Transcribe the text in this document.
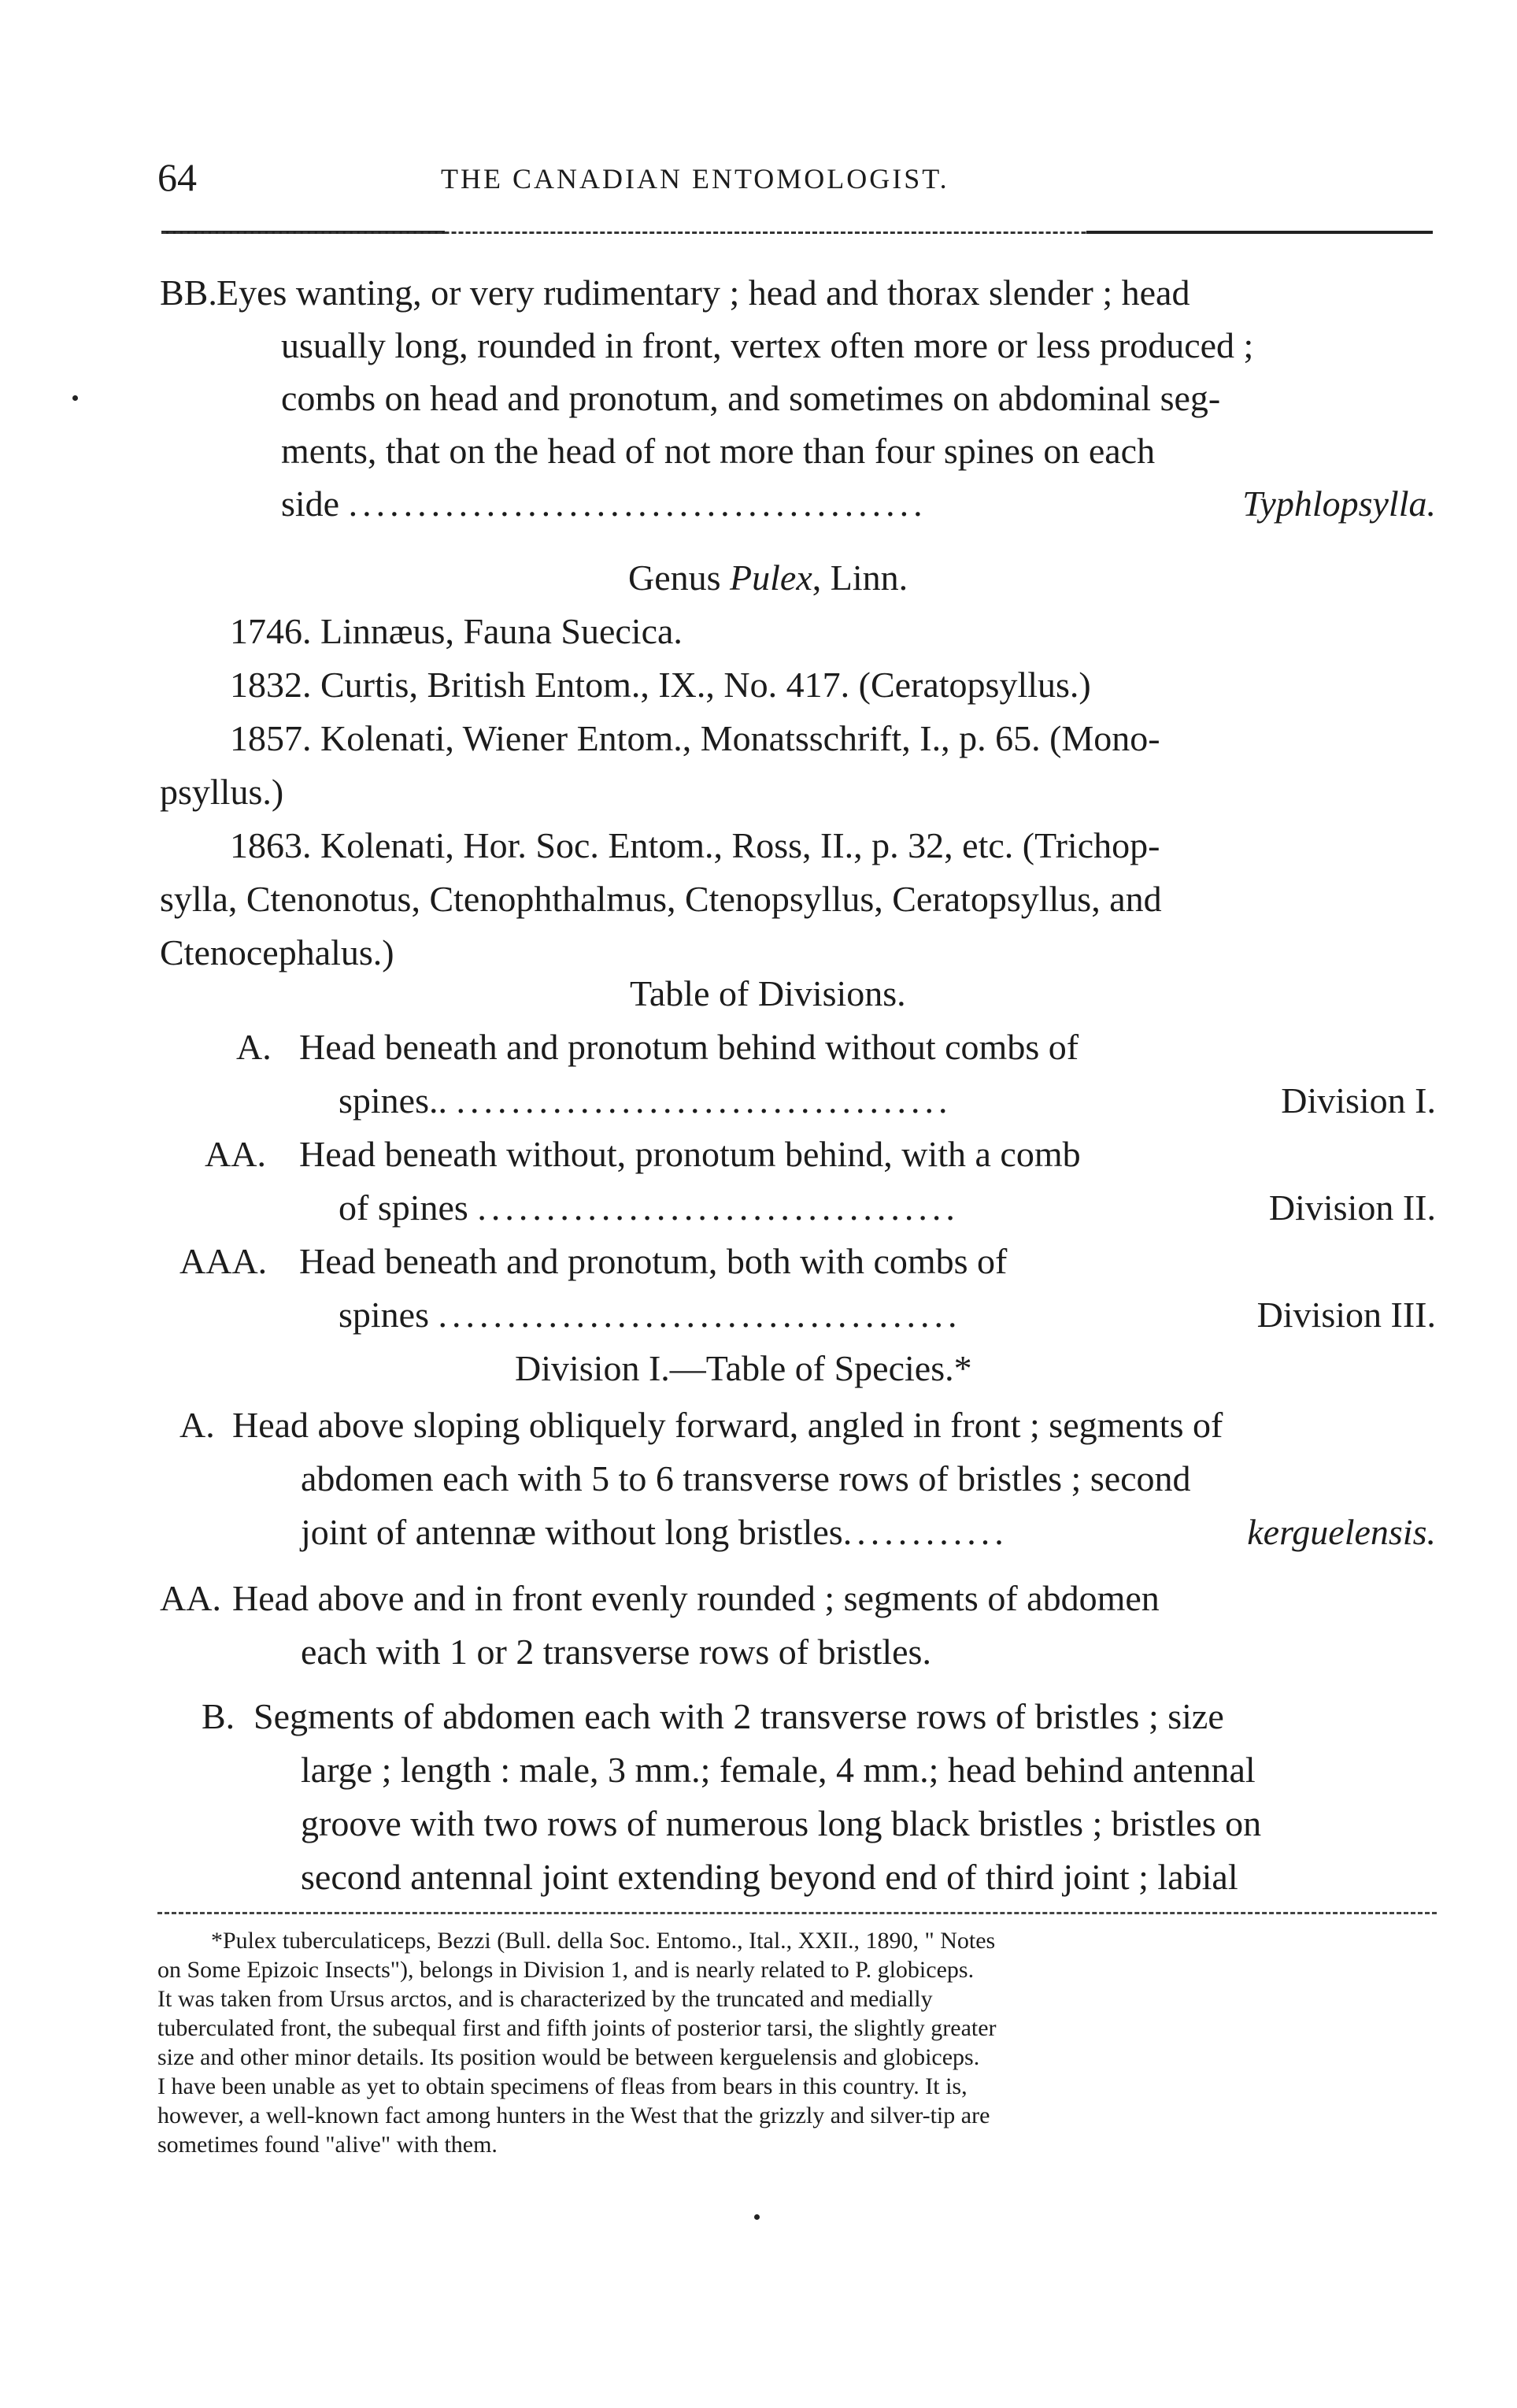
64	THE CANADIAN ENTOMOLOGIST.
BB. Eyes wanting, or very rudimentary ; head and thorax slender ; head
usually long, rounded in front, vertex often more or less produced ;
combs on head and pronotum, and sometimes on abdominal seg-
ments, that on the head of not more than four spines on each
side ..........................................	Typhlopsylla.
Genus Pulex, Linn.
1746. Linnæus, Fauna Suecica.
1832. Curtis, British Entom., IX., No. 417. (Ceratopsyllus.)
1857. Kolenati, Wiener Entom., Monatsschrift, I., p. 65. (Mono-
psyllus.)
1863. Kolenati, Hor. Soc. Entom., Ross, II., p. 32, etc. (Trichop-
sylla, Ctenonotus, Ctenophthalmus, Ctenopsyllus, Ceratopsyllus, and
Ctenocephalus.)
Table of Divisions.
A. Head beneath and pronotum behind without combs of
spines.. ....................................	Division I.
AA. Head beneath without, pronotum behind, with a comb
of spines ...................................	Division II.
AAA. Head beneath and pronotum, both with combs of
spines ......................................	Division III.
Division I.—Table of Species.*
A. Head above sloping obliquely forward, angled in front ; segments of
abdomen each with 5 to 6 transverse rows of bristles ; second
joint of antennæ without long bristles............	kerguelensis.
AA. Head above and in front evenly rounded ; segments of abdomen
each with 1 or 2 transverse rows of bristles.
B. Segments of abdomen each with 2 transverse rows of bristles ; size
large ; length : male, 3 mm.; female, 4 mm.; head behind antennal
groove with two rows of numerous long black bristles ; bristles on
second antennal joint extending beyond end of third joint ; labial
*Pulex tuberculaticeps, Bezzi (Bull. della Soc. Entomo., Ital., XXII., 1890, " Notes
on Some Epizoic Insects"), belongs in Division 1, and is nearly related to P. globiceps.
It was taken from Ursus arctos, and is characterized by the truncated and medially
tuberculated front, the subequal first and fifth joints of posterior tarsi, the slightly greater
size and other minor details. Its position would be between kerguelensis and globiceps.
I have been unable as yet to obtain specimens of fleas from bears in this country. It is,
however, a well-known fact among hunters in the West that the grizzly and silver-tip are
sometimes found "alive" with them.
